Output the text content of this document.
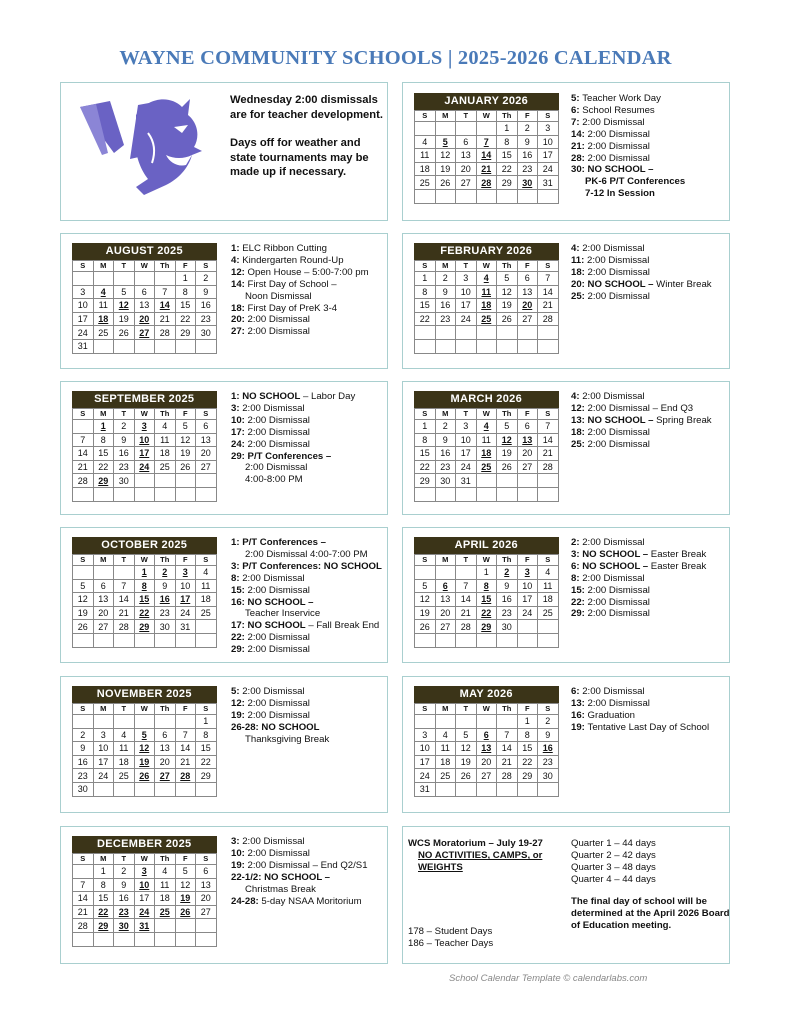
WAYNE COMMUNITY SCHOOLS | 2025-2026 CALENDAR

Wednesday 2:00 dismissals are for teacher development.

Days off for weather and state tournaments may be made up if necessary.

JANUARY 2026
S	M	T	W	Th	F	S
				1	2	3
4	5	6	7	8	9	10
11	12	13	14	15	16	17
18	19	20	21	22	23	24
25	26	27	28	29	30	31

5: Teacher Work Day
6: School Resumes
7: 2:00 Dismissal
14: 2:00 Dismissal
21: 2:00 Dismissal
28: 2:00 Dismissal
30: NO SCHOOL –
PK-6 P/T Conferences
7-12 In Session
AUGUST 2025
S	M	T	W	Th	F	S
					1	2
3	4	5	6	7	8	9
10	11	12	13	14	15	16
17	18	19	20	21	22	23
24	25	26	27	28	29	30
31						
1: ELC Ribbon Cutting
4: Kindergarten Round-Up
12: Open House – 5:00-7:00 pm
14: First Day of School –
Noon Dismissal
18: First Day of PreK 3-4
20: 2:00 Dismissal
27: 2:00 Dismissal
FEBRUARY 2026
S	M	T	W	Th	F	S
1	2	3	4	5	6	7
8	9	10	11	12	13	14
15	16	17	18	19	20	21
22	23	24	25	26	27	28

4: 2:00 Dismissal
11: 2:00 Dismissal
18: 2:00 Dismissal
20: NO SCHOOL – Winter Break
25: 2:00 Dismissal
SEPTEMBER 2025
S	M	T	W	Th	F	S
	1	2	3	4	5	6
7	8	9	10	11	12	13
14	15	16	17	18	19	20
21	22	23	24	25	26	27
28	29	30				

1: NO SCHOOL – Labor Day
3: 2:00 Dismissal
10: 2:00 Dismissal
17: 2:00 Dismissal
24: 2:00 Dismissal
29: P/T Conferences –
2:00 Dismissal
4:00-8:00 PM
MARCH 2026
S	M	T	W	Th	F	S
1	2	3	4	5	6	7
8	9	10	11	12	13	14
15	16	17	18	19	20	21
22	23	24	25	26	27	28
29	30	31				

4: 2:00 Dismissal
12: 2:00 Dismissal – End Q3
13: NO SCHOOL – Spring Break
18: 2:00 Dismissal
25: 2:00 Dismissal
OCTOBER 2025
S	M	T	W	Th	F	S
			1	2	3	4
5	6	7	8	9	10	11
12	13	14	15	16	17	18
19	20	21	22	23	24	25
26	27	28	29	30	31	

1: P/T Conferences –
2:00 Dismissal 4:00-7:00 PM
3: P/T Conferences: NO SCHOOL
8: 2:00 Dismissal
15: 2:00 Dismissal
16: NO SCHOOL –
Teacher Inservice
17: NO SCHOOL – Fall Break End
22: 2:00 Dismissal
29: 2:00 Dismissal
APRIL 2026
S	M	T	W	Th	F	S
			1	2	3	4
5	6	7	8	9	10	11
12	13	14	15	16	17	18
19	20	21	22	23	24	25
26	27	28	29	30		

2: 2:00 Dismissal
3: NO SCHOOL – Easter Break
6: NO SCHOOL – Easter Break
8: 2:00 Dismissal
15: 2:00 Dismissal
22: 2:00 Dismissal
29: 2:00 Dismissal
NOVEMBER 2025
S	M	T	W	Th	F	S
						1
2	3	4	5	6	7	8
9	10	11	12	13	14	15
16	17	18	19	20	21	22
23	24	25	26	27	28	29
30						
5: 2:00 Dismissal
12: 2:00 Dismissal
19: 2:00 Dismissal
26-28: NO SCHOOL
Thanksgiving Break
MAY 2026
S	M	T	W	Th	F	S
					1	2
3	4	5	6	7	8	9
10	11	12	13	14	15	16
17	18	19	20	21	22	23
24	25	26	27	28	29	30
31						
6: 2:00 Dismissal
13: 2:00 Dismissal
16: Graduation
19: Tentative Last Day of School
DECEMBER 2025
S	M	T	W	Th	F	S
	1	2	3	4	5	6
7	8	9	10	11	12	13
14	15	16	17	18	19	20
21	22	23	24	25	26	27
28	29	30	31			

3: 2:00 Dismissal
10: 2:00 Dismissal
19: 2:00 Dismissal – End Q2/S1
22-1/2: NO SCHOOL –
Christmas Break
24-28: 5-day NSAA Moritorium
WCS Moratorium – July 19-27
NO ACTIVITIES, CAMPS, or WEIGHTS
178 – Student Days
186 – Teacher Days
Quarter 1 – 44 days
Quarter 2 – 42 days
Quarter 3 – 48 days
Quarter 4 – 44 days
The final day of school will be determined at the April 2026 Board of Education meeting.
School Calendar Template © calendarlabs.com
